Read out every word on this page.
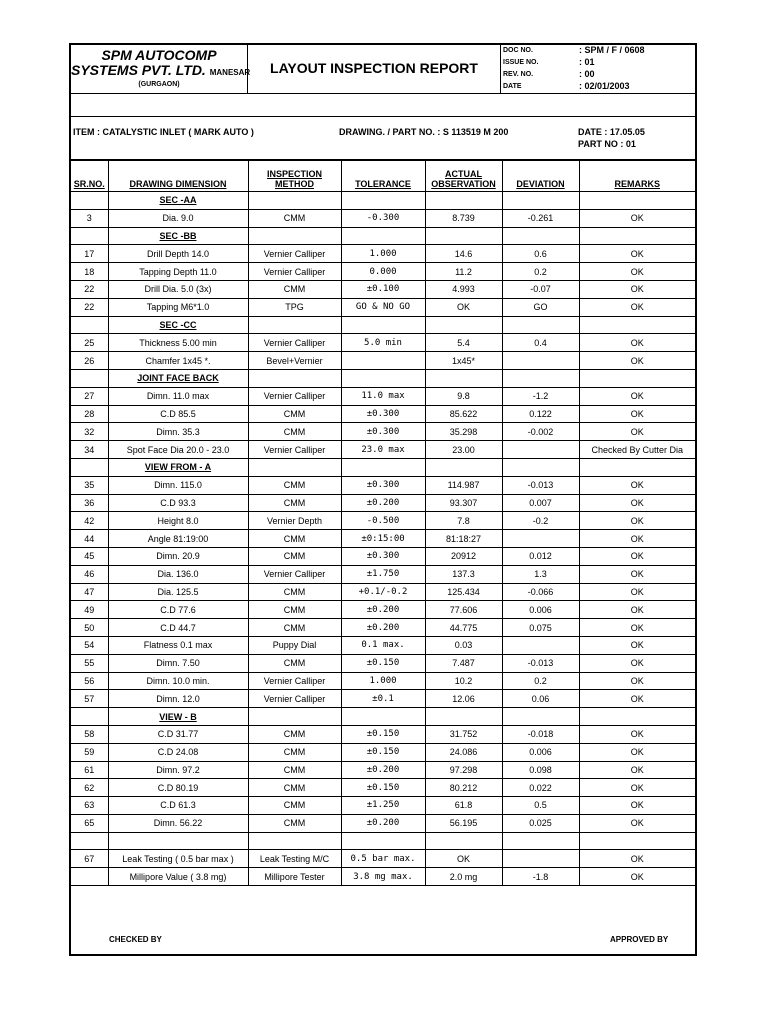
SPM AUTOCOMP
SYSTEMS PVT. LTD. MANESAR
(GURGAON)
LAYOUT INSPECTION REPORT
DOC NO.	: SPM / F / 0608
ISSUE NO.	: 01
REV. NO.	: 00
DATE	: 02/01/2003
ITEM : CATALYSTIC INLET ( MARK AUTO )	DRAWING. / PART NO. : S 113519 M 200	DATE : 17.05.05
PART NO : 01
SR.NO.	DRAWING DIMENSION	INSPECTION METHOD	TOLERANCE	ACTUAL OBSERVATION	DEVIATION	REMARKS
	SEC -AA					
3	Dia. 9.0	CMM	-0.300	8.739	-0.261	OK
	SEC -BB					
17	Drill Depth 14.0	Vernier Calliper	1.000	14.6	0.6	OK
18	Tapping Depth 11.0	Vernier Calliper	0.000	11.2	0.2	OK
22	Drill Dia. 5.0 (3x)	CMM	±0.100	4.993	-0.07	OK
22	Tapping M6*1.0	TPG	GO & NO GO	OK	GO	OK
	SEC -CC					
25	Thickness 5.00 min	Vernier Calliper	5.0 min	5.4	0.4	OK
26	Chamfer 1x45 *.	Bevel+Vernier		1x45*		OK
	JOINT FACE BACK					
27	Dimn. 11.0 max	Vernier Calliper	11.0 max	9.8	-1.2	OK
28	C.D 85.5	CMM	±0.300	85.622	0.122	OK
32	Dimn. 35.3	CMM	±0.300	35.298	-0.002	OK
34	Spot Face Dia 20.0 - 23.0	Vernier Calliper	23.0 max	23.00		Checked By Cutter Dia
	VIEW FROM - A					
35	Dimn. 115.0	CMM	±0.300	114.987	-0.013	OK
36	C.D 93.3	CMM	±0.200	93.307	0.007	OK
42	Height 8.0	Vernier Depth	-0.500	7.8	-0.2	OK
44	Angle 81:19:00	CMM	±0:15:00	81:18:27		OK
45	Dimn. 20.9	CMM	±0.300	20912	0.012	OK
46	Dia. 136.0	Vernier Calliper	±1.750	137.3	1.3	OK
47	Dia. 125.5	CMM	+0.1/-0.2	125.434	-0.066	OK
49	C.D 77.6	CMM	±0.200	77.606	0.006	OK
50	C.D 44.7	CMM	±0.200	44.775	0.075	OK
54	Flatness 0.1 max	Puppy Dial	0.1 max.	0.03		OK
55	Dimn. 7.50	CMM	±0.150	7.487	-0.013	OK
56	Dimn. 10.0 min.	Vernier Calliper	1.000	10.2	0.2	OK
57	Dimn. 12.0	Vernier Calliper	±0.1	12.06	0.06	OK
	VIEW - B					
58	C.D 31.77	CMM	±0.150	31.752	-0.018	OK
59	C.D 24.08	CMM	±0.150	24.086	0.006	OK
61	Dimn. 97.2	CMM	±0.200	97.298	0.098	OK
62	C.D 80.19	CMM	±0.150	80.212	0.022	OK
63	C.D 61.3	CMM	±1.250	61.8	0.5	OK
65	Dimn. 56.22	CMM	±0.200	56.195	0.025	OK

67	Leak Testing ( 0.5 bar max )	Leak Testing M/C	0.5 bar max.	OK		OK
	Millipore Value ( 3.8 mg)	Millipore Tester	3.8 mg max.	2.0 mg	-1.8	OK
CHECKED BY	APPROVED BY
